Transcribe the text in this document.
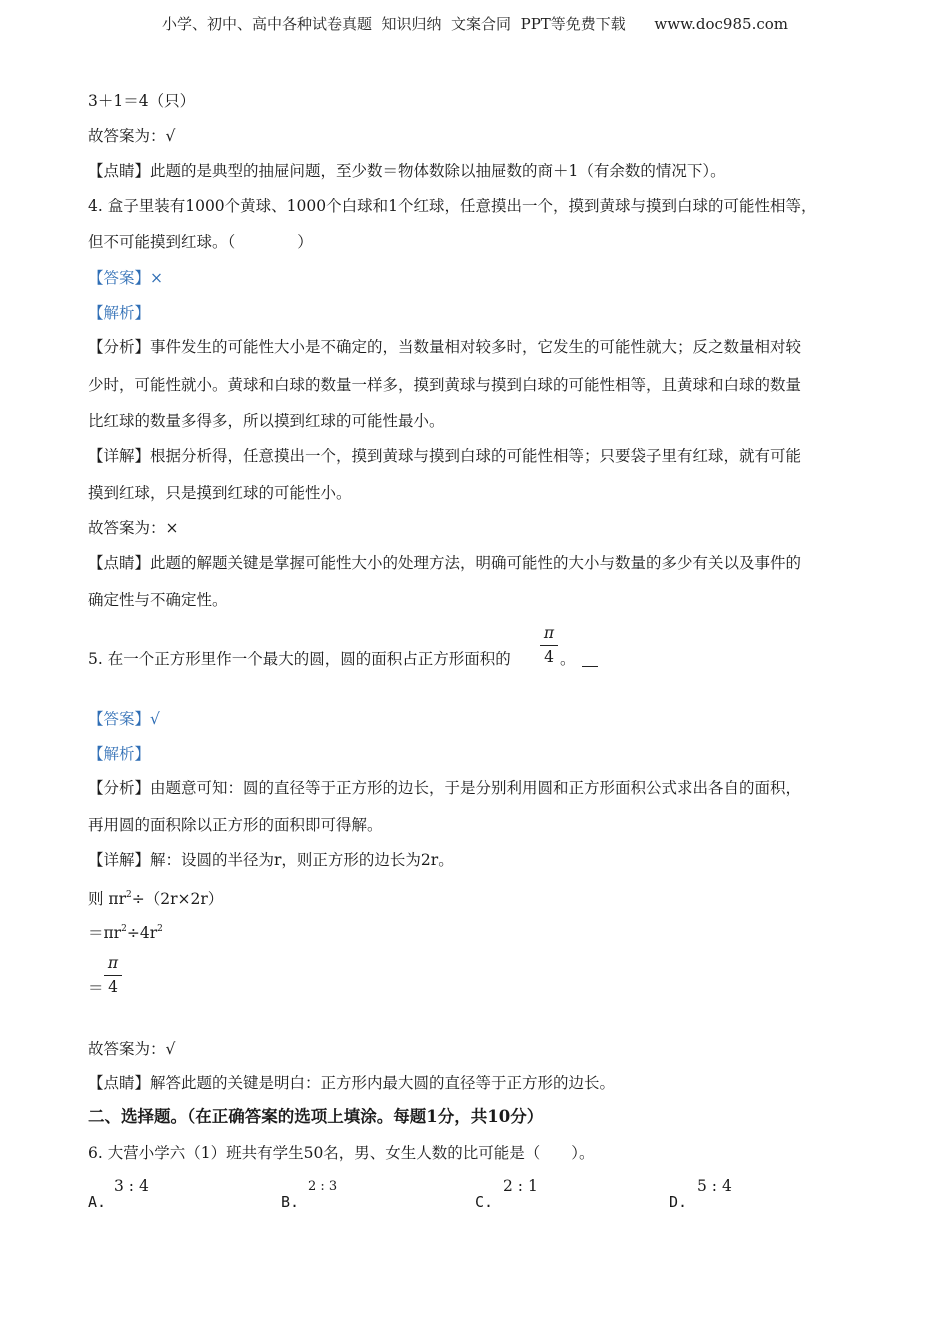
小学、初中、高中各种试卷真题  知识归纳  文案合同  PPT等免费下载      www.doc985.com
3＋1＝4（只）
故答案为：√
【点睛】此题的是典型的抽屉问题，至少数＝物体数除以抽屉数的商＋1（有余数的情况下）。
4. 盒子里装有1000个黄球、1000个白球和1个红球，任意摸出一个，摸到黄球与摸到白球的可能性相等，
但不可能摸到红球。（　　　　）
【答案】×
【解析】
【分析】事件发生的可能性大小是不确定的，当数量相对较多时，它发生的可能性就大；反之数量相对较
少时，可能性就小。黄球和白球的数量一样多，摸到黄球与摸到白球的可能性相等，且黄球和白球的数量
比红球的数量多得多，所以摸到红球的可能性最小。
【详解】根据分析得，任意摸出一个，摸到黄球与摸到白球的可能性相等；只要袋子里有红球，就有可能
摸到红球，只是摸到红球的可能性小。
故答案为：×
【点睛】此题的解题关键是掌握可能性大小的处理方法，明确可能性的大小与数量的多少有关以及事件的
确定性与不确定性。
5. 在一个正方形里作一个最大的圆，圆的面积占正方形面积的
π
4 。
【答案】√
【解析】
【分析】由题意可知：圆的直径等于正方形的边长，于是分别利用圆和正方形面积公式求出各自的面积，
再用圆的面积除以正方形的面积即可得解。
【详解】解：设圆的半径为r，则正方形的边长为2r。
则 $\pi r^2\div(2r\times 2r)$
$=\pi r^2\div 4r^2$
＝
π
4
故答案为：√
【点睛】解答此题的关键是明白：正方形内最大圆的直径等于正方形的边长。
二、选择题。（在正确答案的选项上填涂。每题1分，共10分）
6. 大营小学六（1）班共有学生50名，男、女生人数的比可能是（　　）。
3 : 4
A.
2 : 3
B.
2 : 1
C.
5 : 4
D.
